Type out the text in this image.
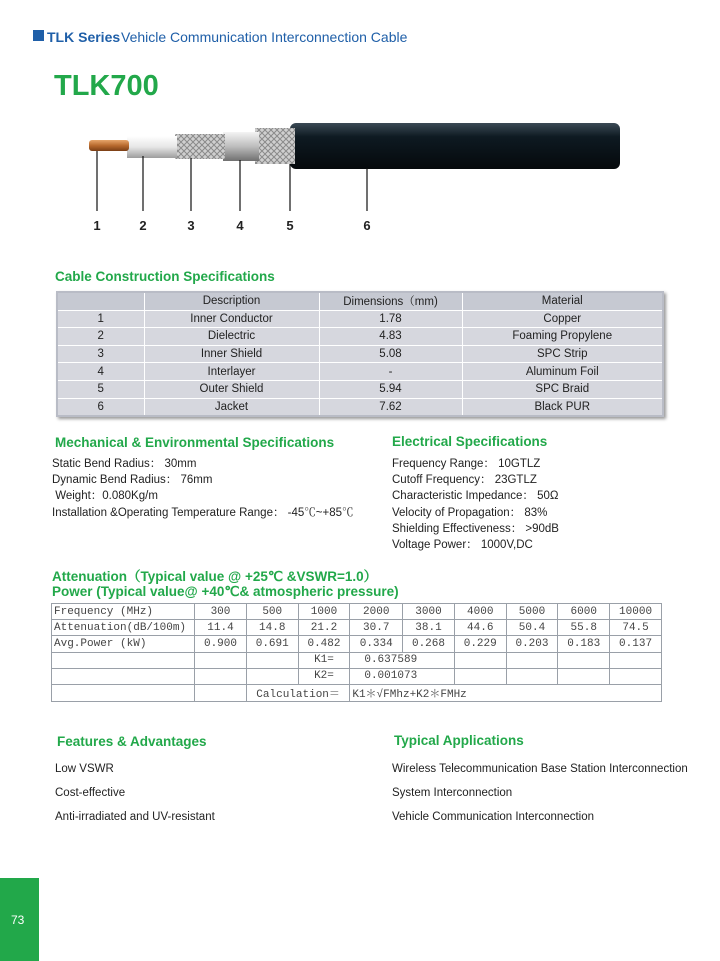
TLK Series Vehicle Communication Interconnection Cable
TLK700
1	2	3	4	5	6
Cable Construction Specifications
	Description	Dimensions（mm)	Material
1	Inner Conductor	1.78	Copper
2	Dielectric	4.83	Foaming Propylene
3	Inner Shield	5.08	SPC Strip
4	Interlayer	-	Aluminum Foil
5	Outer Shield	5.94	SPC Braid
6	Jacket	7.62	Black PUR
Mechanical & Environmental Specifications
Static Bend Radius： 30mm
Dynamic Bend Radius： 76mm
Weight：0.080Kg/m
Installation &Operating Temperature Range： -45℃~+85℃
Electrical Specifications
Frequency Range： 10GTLZ
Cutoff Frequency： 23GTLZ
Characteristic Impedance： 50Ω
Velocity of Propagation： 83%
Shielding Effectiveness： >90dB
Voltage Power： 1000V,DC
Attenuation（Typical value @ +25℃ &VSWR=1.0）
Power (Typical value@ +40℃& atmospheric pressure)
Frequency (MHz)	300	500	1000	2000	3000	4000	5000	6000	10000
Attenuation(dB/100m)	11.4	14.8	21.2	30.7	38.1	44.6	50.4	55.8	74.5
Avg.Power (kW)	0.900	0.691	0.482	0.334	0.268	0.229	0.203	0.183	0.137
			K1=	0.637589					
			K2=	0.001073					
		Calculation＝		K1＊√FMhz+K2＊FMHz					
Features & Advantages
Low VSWR
Cost-effective
Anti-irradiated and UV-resistant
Typical Applications
Wireless Telecommunication Base Station Interconnection
System Interconnection
Vehicle Communication Interconnection
73
